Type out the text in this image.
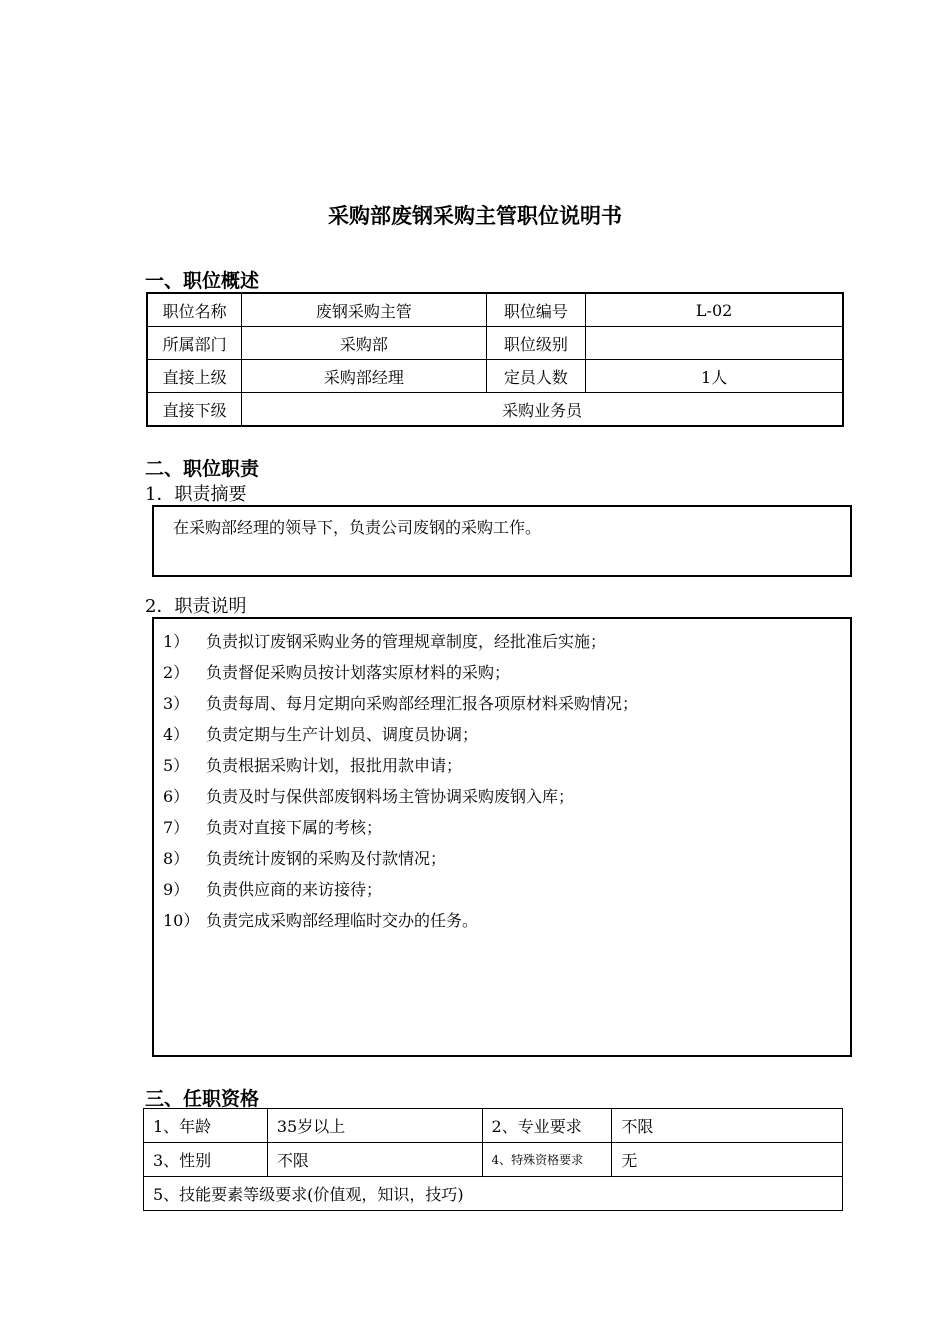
采购部废钢采购主管职位说明书
一、职位概述
职位名称	废钢采购主管	职位编号	L-02
所属部门	采购部	职位级别	
直接上级	采购部经理	定员人数	1人
直接下级	采购业务员		
二、职位职责
1．职责摘要
在采购部经理的领导下，负责公司废钢的采购工作。
2．职责说明
1） 负责拟订废钢采购业务的管理规章制度，经批准后实施；
2） 负责督促采购员按计划落实原材料的采购；
3） 负责每周、每月定期向采购部经理汇报各项原材料采购情况；
4） 负责定期与生产计划员、调度员协调；
5） 负责根据采购计划，报批用款申请；
6） 负责及时与保供部废钢料场主管协调采购废钢入库；
7） 负责对直接下属的考核；
8） 负责统计废钢的采购及付款情况；
9） 负责供应商的来访接待；
10） 负责完成采购部经理临时交办的任务。
三、任职资格
1、年龄	35岁以上	2、专业要求	不限
3、性别	不限	4、特殊资格要求	无
5、技能要素等级要求(价值观，知识，技巧)			
